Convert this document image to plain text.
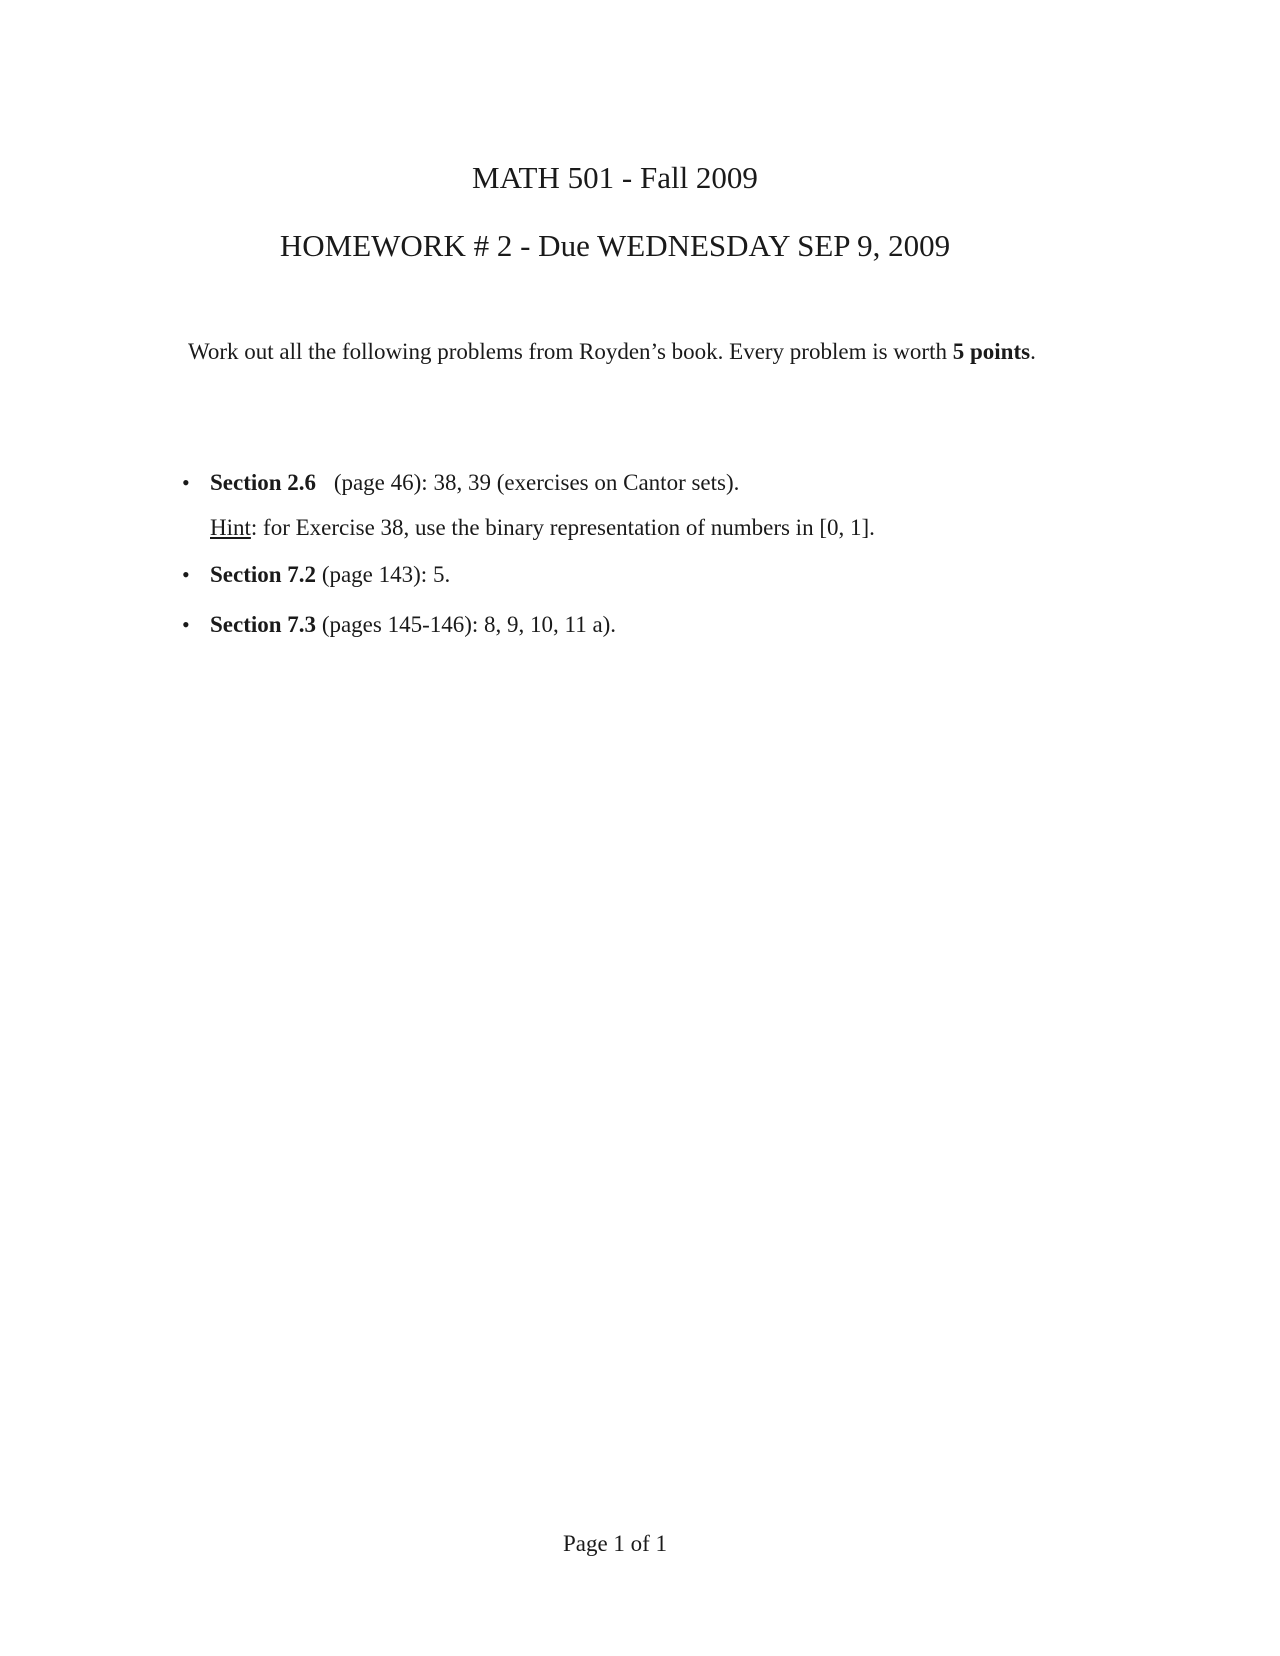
MATH 501 - Fall 2009
HOMEWORK # 2 - Due WEDNESDAY SEP 9, 2009

Work out all the following problems from Royden’s book. Every problem is worth 5 points.

• Section 2.6 (page 46): 38, 39 (exercises on Cantor sets).
Hint: for Exercise 38, use the binary representation of numbers in [0, 1].
• Section 7.2 (page 143): 5.
• Section 7.3 (pages 145-146): 8, 9, 10, 11 a).
Page 1 of 1
